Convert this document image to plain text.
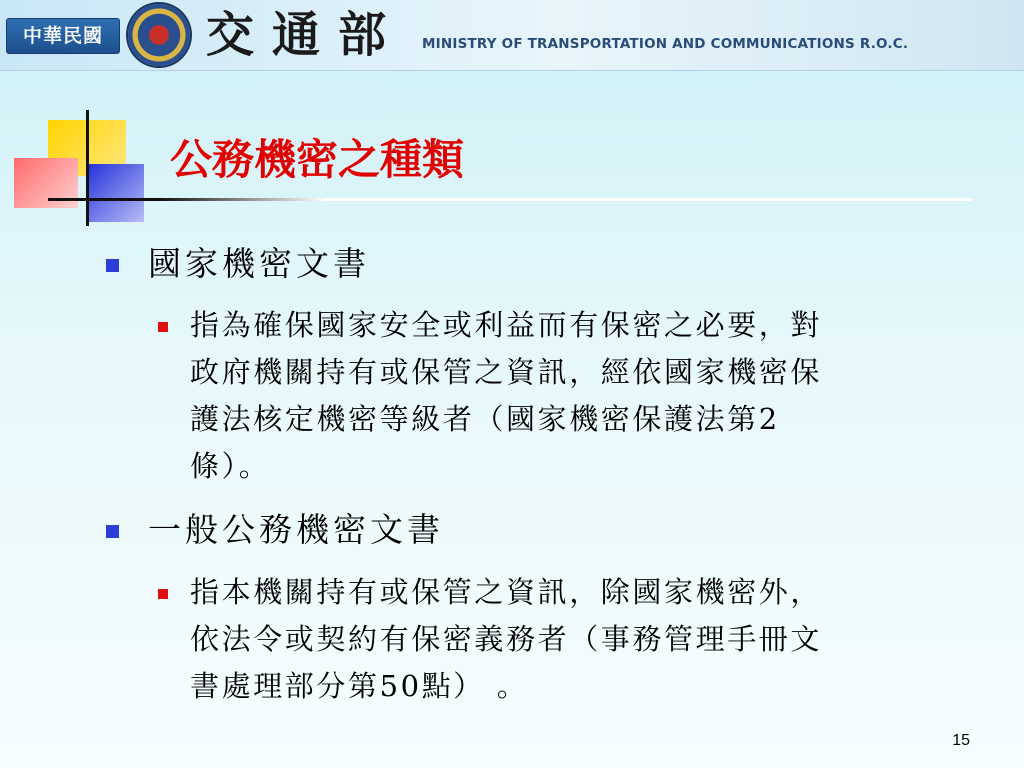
中華民國	交通部 MINISTRY OF TRANSPORTATION AND COMMUNICATIONS R.O.C.
公務機密之種類
國家機密文書
指為確保國家安全或利益而有保密之必要，對
政府機關持有或保管之資訊，經依國家機密保
護法核定機密等級者（國家機密保護法第2
條）。
一般公務機密文書
指本機關持有或保管之資訊，除國家機密外，
依法令或契約有保密義務者（事務管理手冊文
書處理部分第50點） 。
15
